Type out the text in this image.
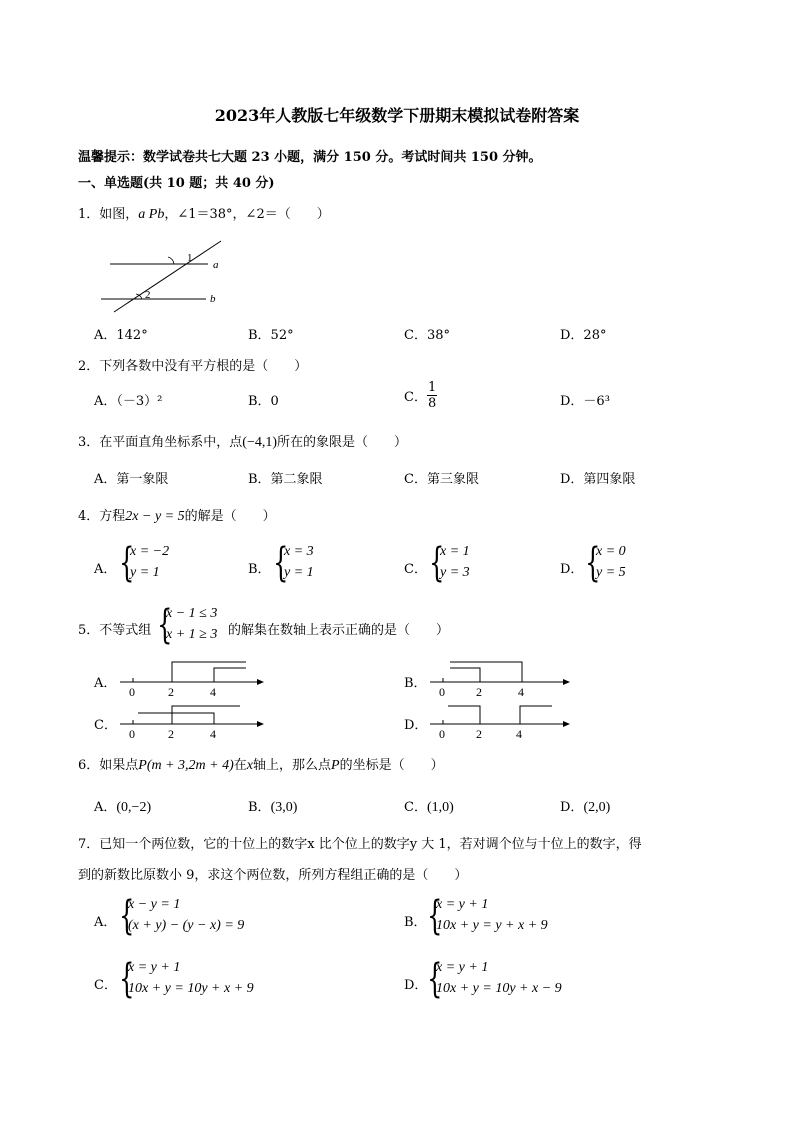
2023年人教版七年级数学下册期末模拟试卷附答案
温馨提示：数学试卷共七大题 23 小题，满分 150 分。考试时间共 150 分钟。
一、单选题(共 10 题；共 40 分)
1．如图，a Pb，∠1＝38°，∠2＝（　　）
1
2
a
b
A．142°	B．52°	C．38°	D．28°
2．下列各数中没有平方根的是（　　）
A．（－3）²	B．0	C． $\frac{1}{8}$	D．－6³
3．在平面直角坐标系中，点(−4,1)所在的象限是（　　）
A．第一象限	B．第二象限	C．第三象限	D．第四象限
4．方程2x − y = 5的解是（　　）
A． {
x = −2
y = 1	B． {
x = 3
y = 1	C． {
x = 1
y = 3	D． {
x = 0
y = 5
5．不等式组 {
x − 1 ≤ 3
x + 1 ≥ 3 的解集在数轴上表示正确的是（　　）
A．
0	2	4
B．
0	2	4
C．
0	2	4
D．
0	2	4
6．如果点P(m + 3,2m + 4)在x轴上，那么点P的坐标是（　　）
A．(0,−2)	B．(3,0)	C．(1,0)	D．(2,0)
7．已知一个两位数，它的十位上的数字x 比个位上的数字y 大 1，若对调个位与十位上的数字，得
到的新数比原数小 9，求这个两位数，所列方程组正确的是（　　）
A． {
x − y = 1
(x + y) − (y − x) = 9	B． {
x = y + 1
10x + y = y + x + 9
C． {
x = y + 1
10x + y = 10y + x + 9	D． {
x = y + 1
10x + y = 10y + x − 9
